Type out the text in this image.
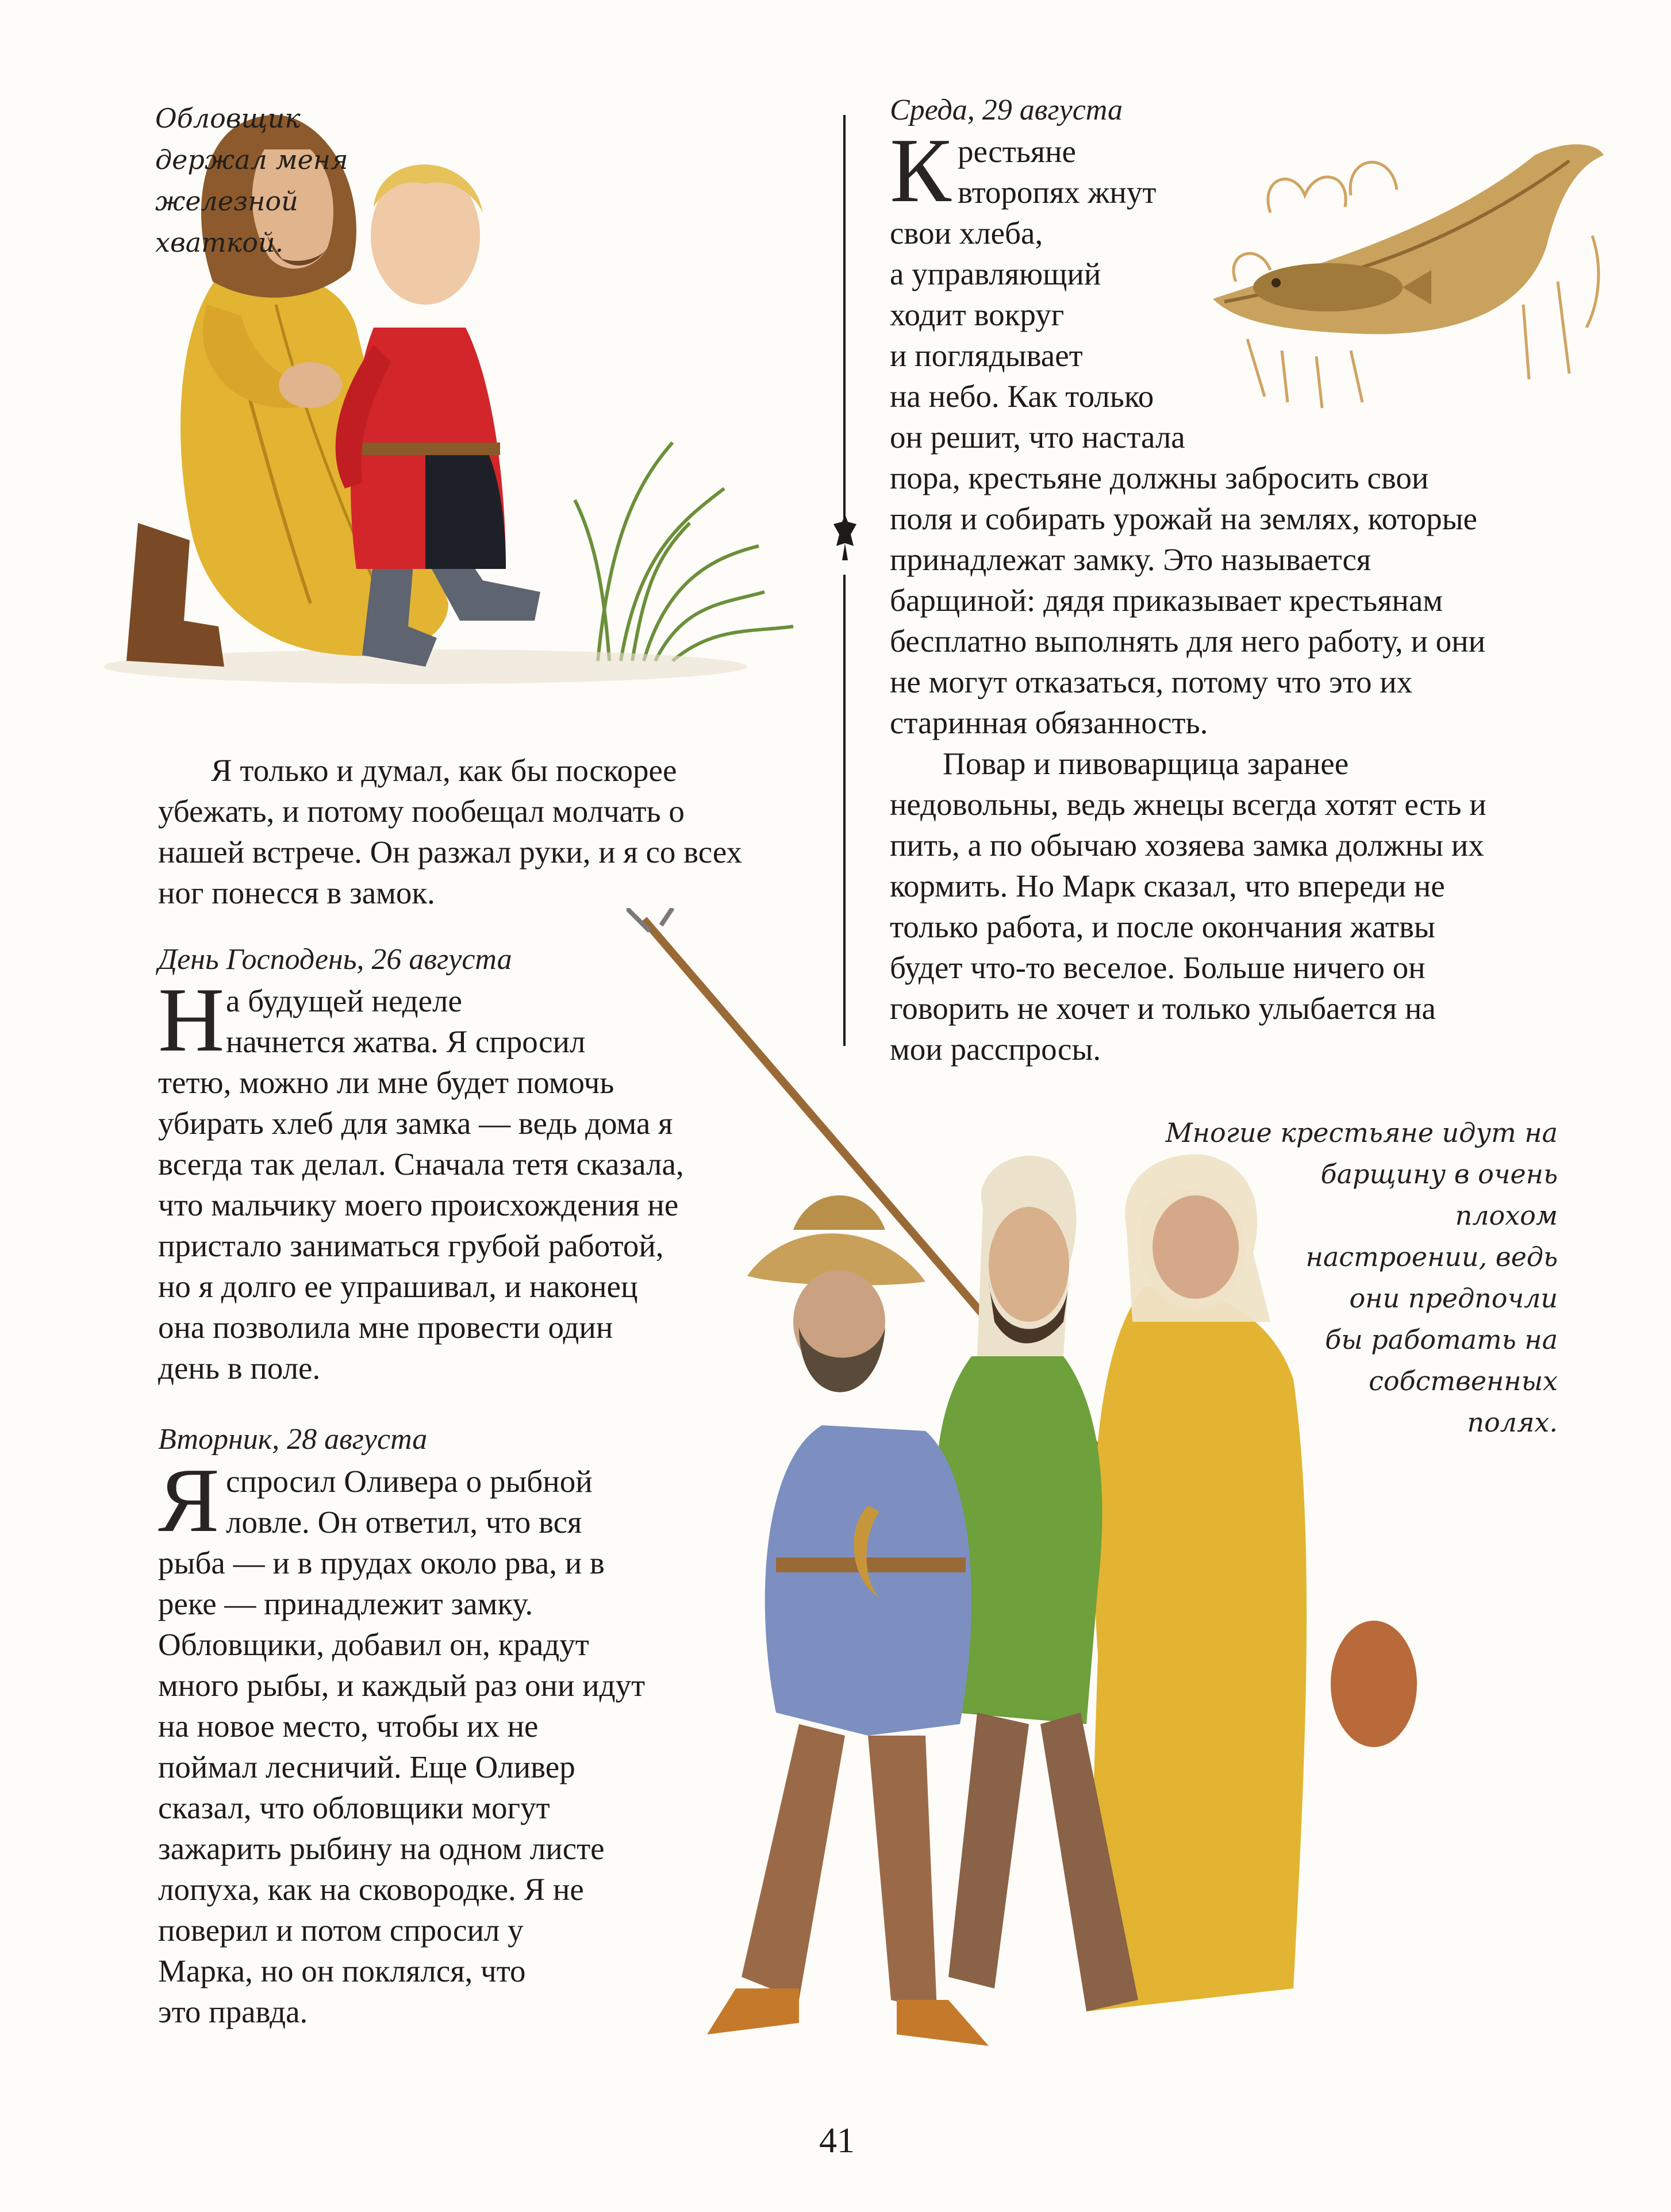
Обловщик
держал меня
железной
хваткой.
Среда, 29 августа
К рестьяне
второпях жнут
свои хлеба,
а управляющий
ходит вокруг
и поглядывает
на небо. Как только
он решит, что настала
пора, крестьяне должны забросить свои
поля и собирать урожай на землях, которые
принадлежат замку. Это называется
барщиной: дядя приказывает крестьянам
бесплатно выполнять для него работу, и они
не могут отказаться, потому что это их
старинная обязанность.
Повар и пивоварщица заранее
недовольны, ведь жнецы всегда хотят есть и
пить, а по обычаю хозяева замка должны их
кормить. Но Марк сказал, что впереди не
только работа, и после окончания жатвы
будет что-то веселое. Больше ничего он
говорить не хочет и только улыбается на
мои расспросы.
Я только и думал, как бы поскорее
убежать, и потому пообещал молчать о
нашей встрече. Он разжал руки, и я со всех
ног понесся в замок.
День Господень, 26 августа
Н а будущей неделе
начнется жатва. Я спросил
тетю, можно ли мне будет помочь
убирать хлеб для замка — ведь дома я
всегда так делал. Сначала тетя сказала,
что мальчику моего происхождения не
пристало заниматься грубой работой,
но я долго ее упрашивал, и наконец
она позволила мне провести один
день в поле.
Вторник, 28 августа
Я спросил Оливера о рыбной
ловле. Он ответил, что вся
рыба — и в прудах около рва, и в
реке — принадлежит замку.
Обловщики, добавил он, крадут
много рыбы, и каждый раз они идут
на новое место, чтобы их не
поймал лесничий. Еще Оливер
сказал, что обловщики могут
зажарить рыбину на одном листе
лопуха, как на сковородке. Я не
поверил и потом спросил у
Марка, но он поклялся, что
это правда.
Многие крестьяне идут на
барщину в очень
плохом
настроении, ведь
они предпочли
бы работать на
собственных
полях.
41
